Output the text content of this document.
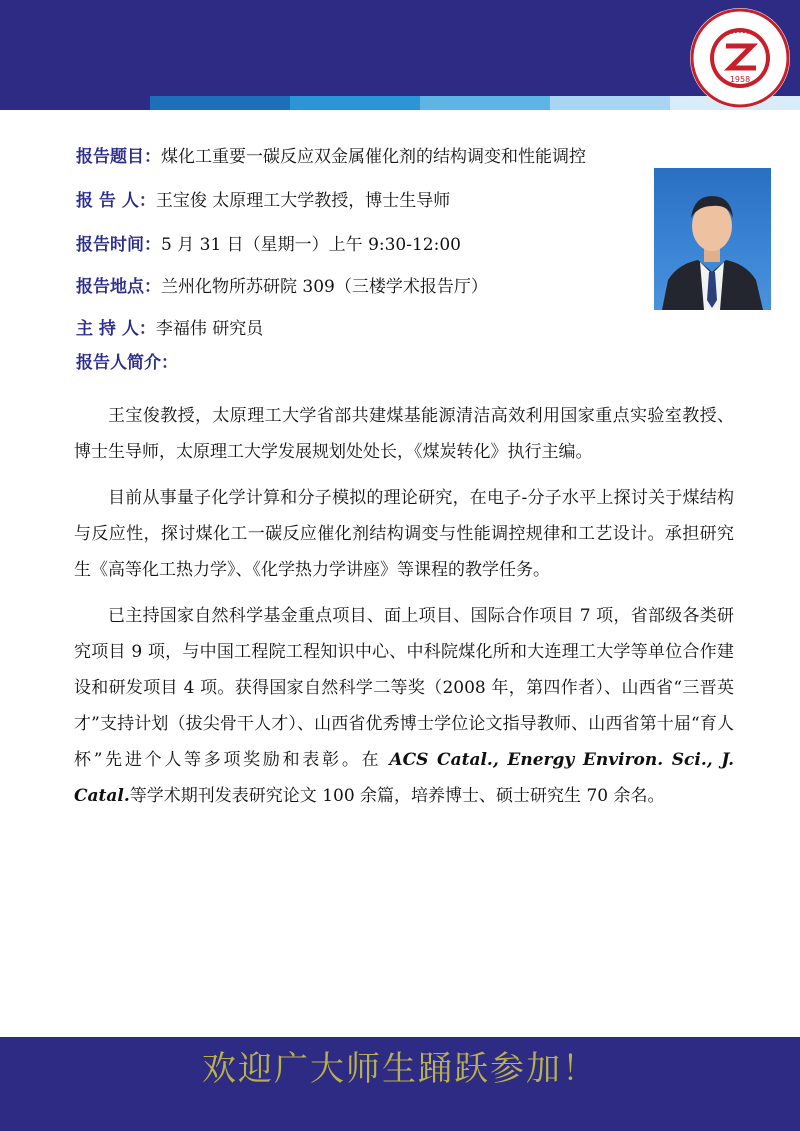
1958
报告题目：煤化工重要一碳反应双金属催化剂的结构调变和性能调控
报 告 人：王宝俊 太原理工大学教授，博士生导师
报告时间：5 月 31 日（星期一）上午 9:30-12:00
报告地点：兰州化物所苏研院 309（三楼学术报告厅）
主 持 人：李福伟 研究员
报告人简介：

王宝俊教授，太原理工大学省部共建煤基能源清洁高效利用国家重点实验室教授、博士生导师，太原理工大学发展规划处处长，《煤炭转化》执行主编。

目前从事量子化学计算和分子模拟的理论研究，在电子-分子水平上探讨关于煤结构与反应性，探讨煤化工一碳反应催化剂结构调变与性能调控规律和工艺设计。承担研究生《高等化工热力学》、《化学热力学讲座》等课程的教学任务。

已主持国家自然科学基金重点项目、面上项目、国际合作项目 7 项，省部级各类研究项目 9 项，与中国工程院工程知识中心、中科院煤化所和大连理工大学等单位合作建设和研发项目 4 项。获得国家自然科学二等奖（2008 年，第四作者）、山西省“三晋英才”支持计划（拔尖骨干人才）、山西省优秀博士学位论文指导教师、山西省第十届“育人杯”先进个人等多项奖励和表彰。在 ACS Catal., Energy Environ. Sci., J. Catal.等学术期刊发表研究论文 100 余篇，培养博士、硕士研究生 70 余名。

欢迎广大师生踊跃参加！
